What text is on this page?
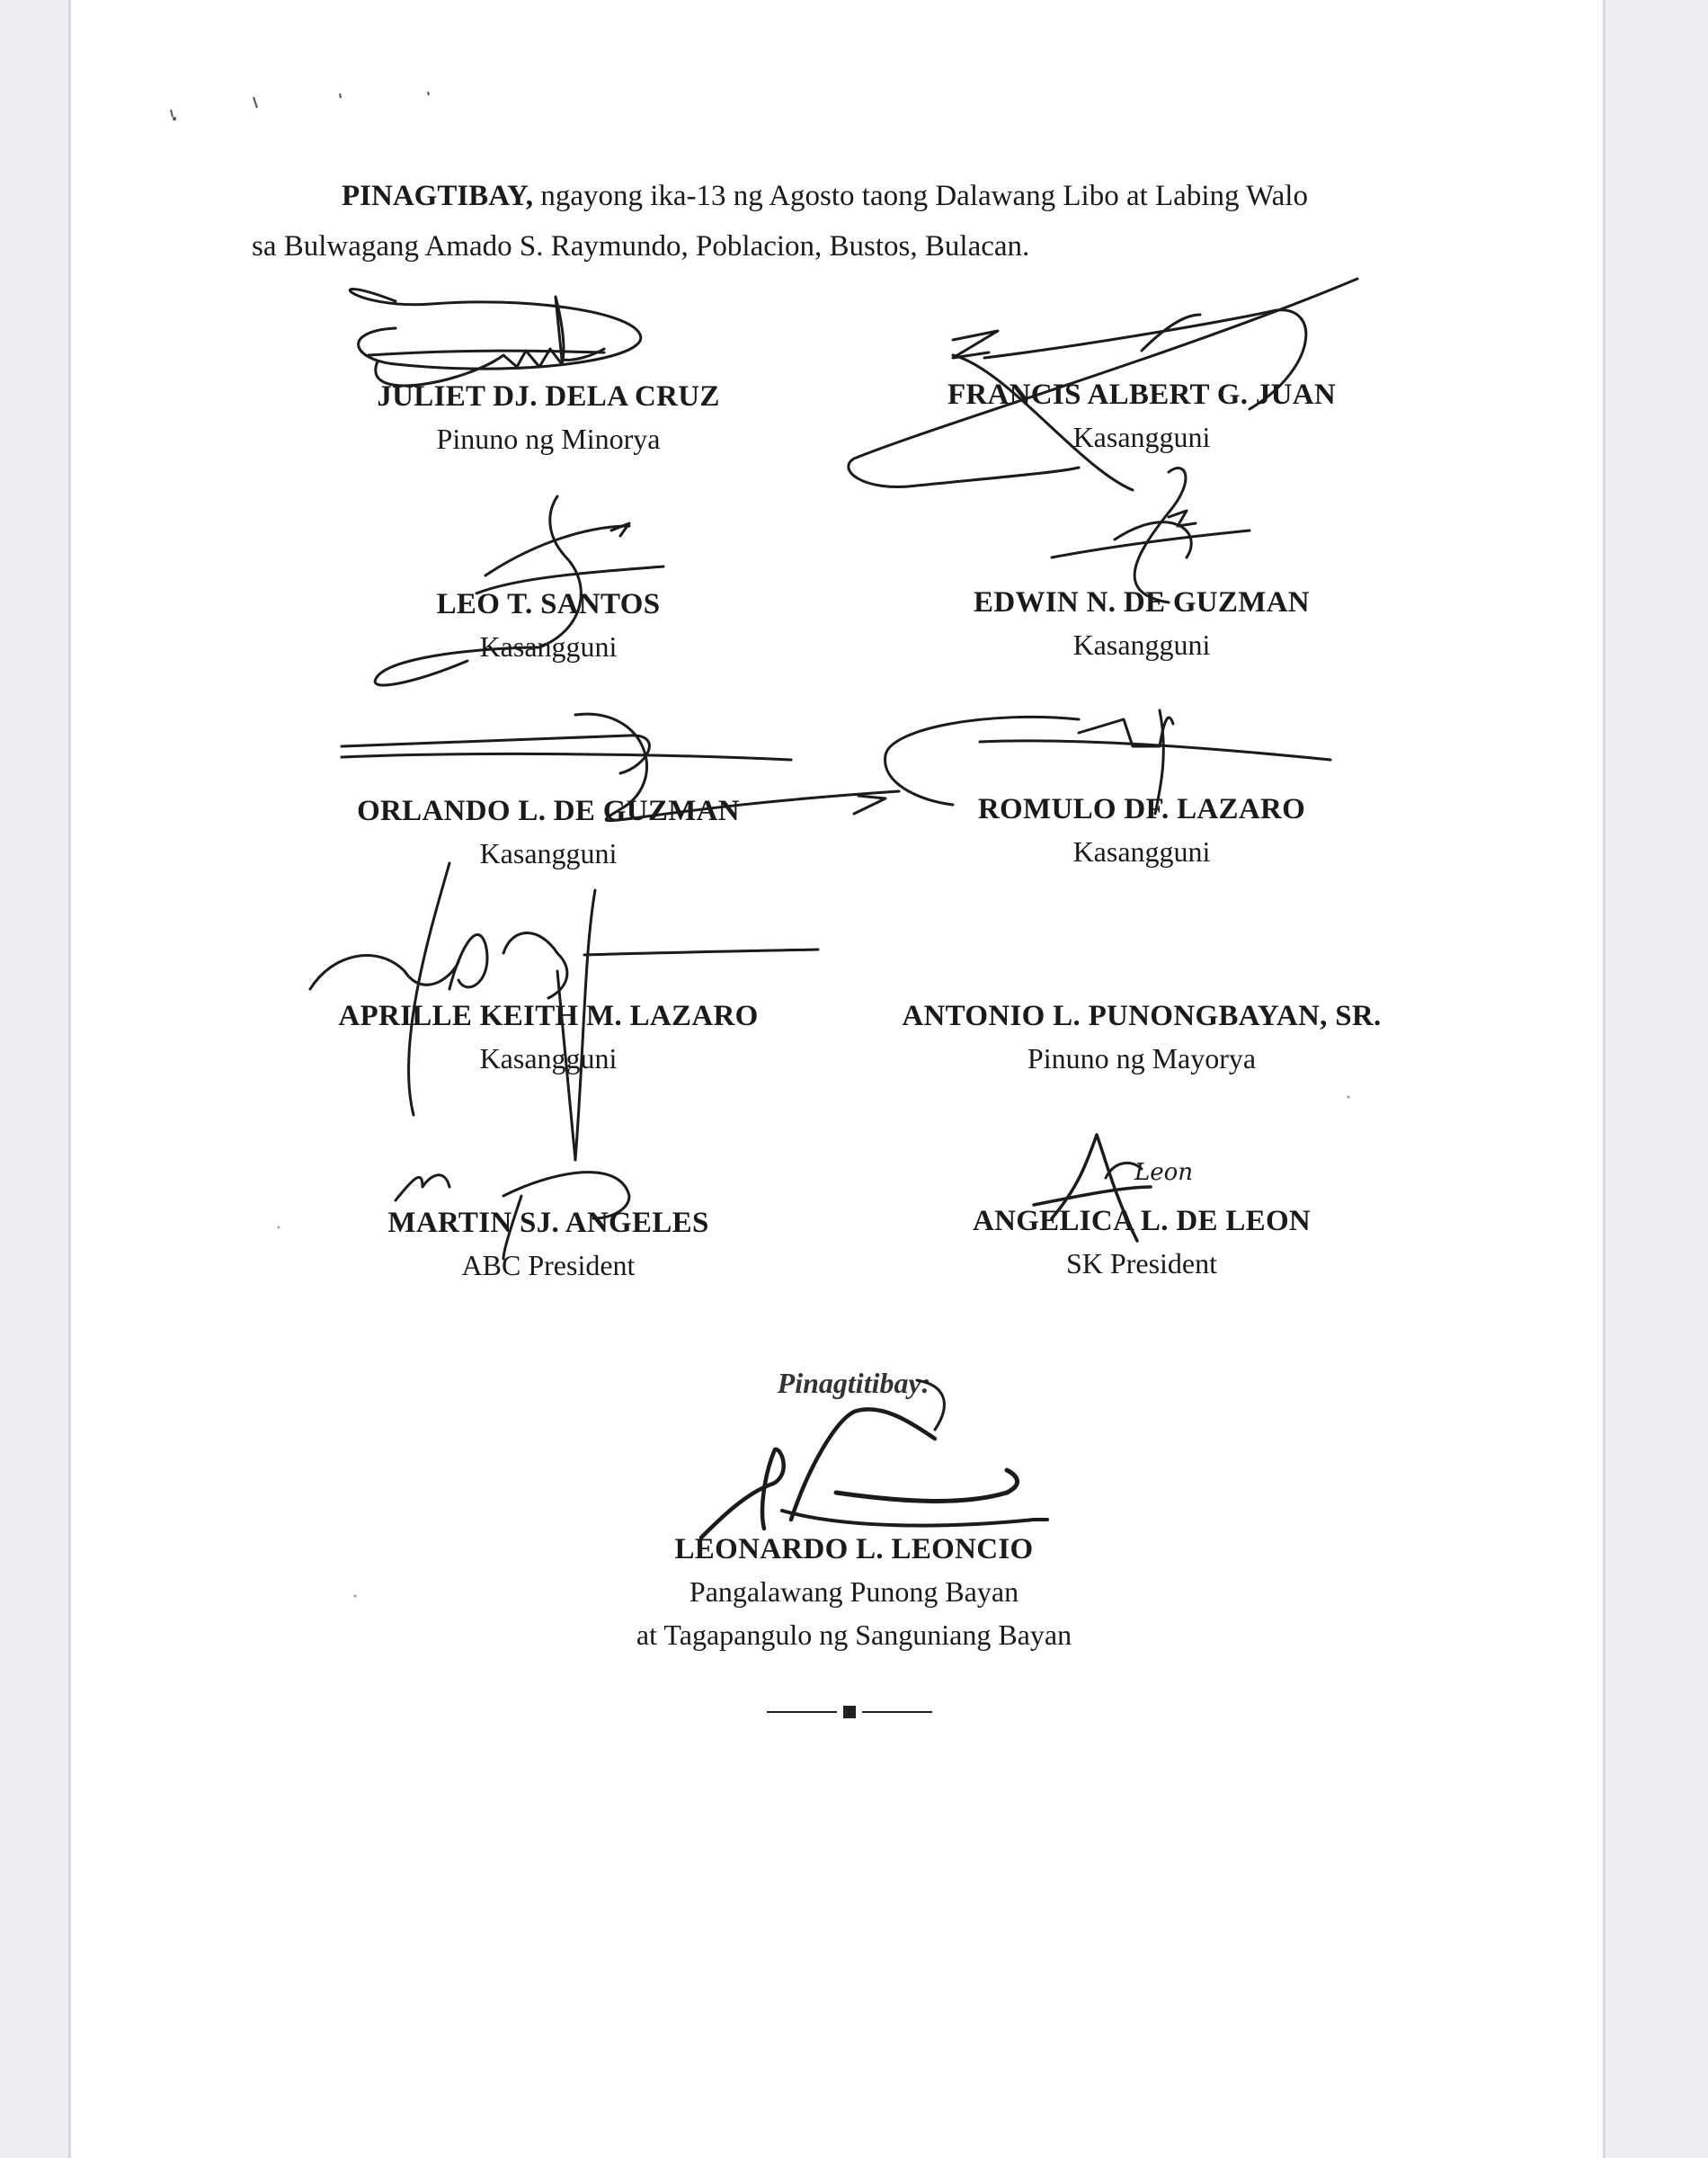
PINAGTIBAY, ngayong ika-13 ng Agosto taong Dalawang Libo at Labing Walo
sa Bulwagang Amado S. Raymundo, Poblacion, Bustos, Bulacan.
JULIET DJ. DELA CRUZ
Pinuno ng Minorya
FRANCIS ALBERT G. JUAN
Kasangguni
LEO T. SANTOS
Kasangguni
EDWIN N. DE GUZMAN
Kasangguni
ORLANDO L. DE GUZMAN
Kasangguni
ROMULO DF. LAZARO
Kasangguni
APRILLE KEITH M. LAZARO
Kasangguni
ANTONIO L. PUNONGBAYAN, SR.
Pinuno ng Mayorya
MARTIN SJ. ANGELES
ABC President
ANGELICA L. DE LEON
SK President
Pinagtitibay:
LEONARDO L. LEONCIO
Pangalawang Punong Bayan
at Tagapangulo ng Sanguniang Bayan
Leon
